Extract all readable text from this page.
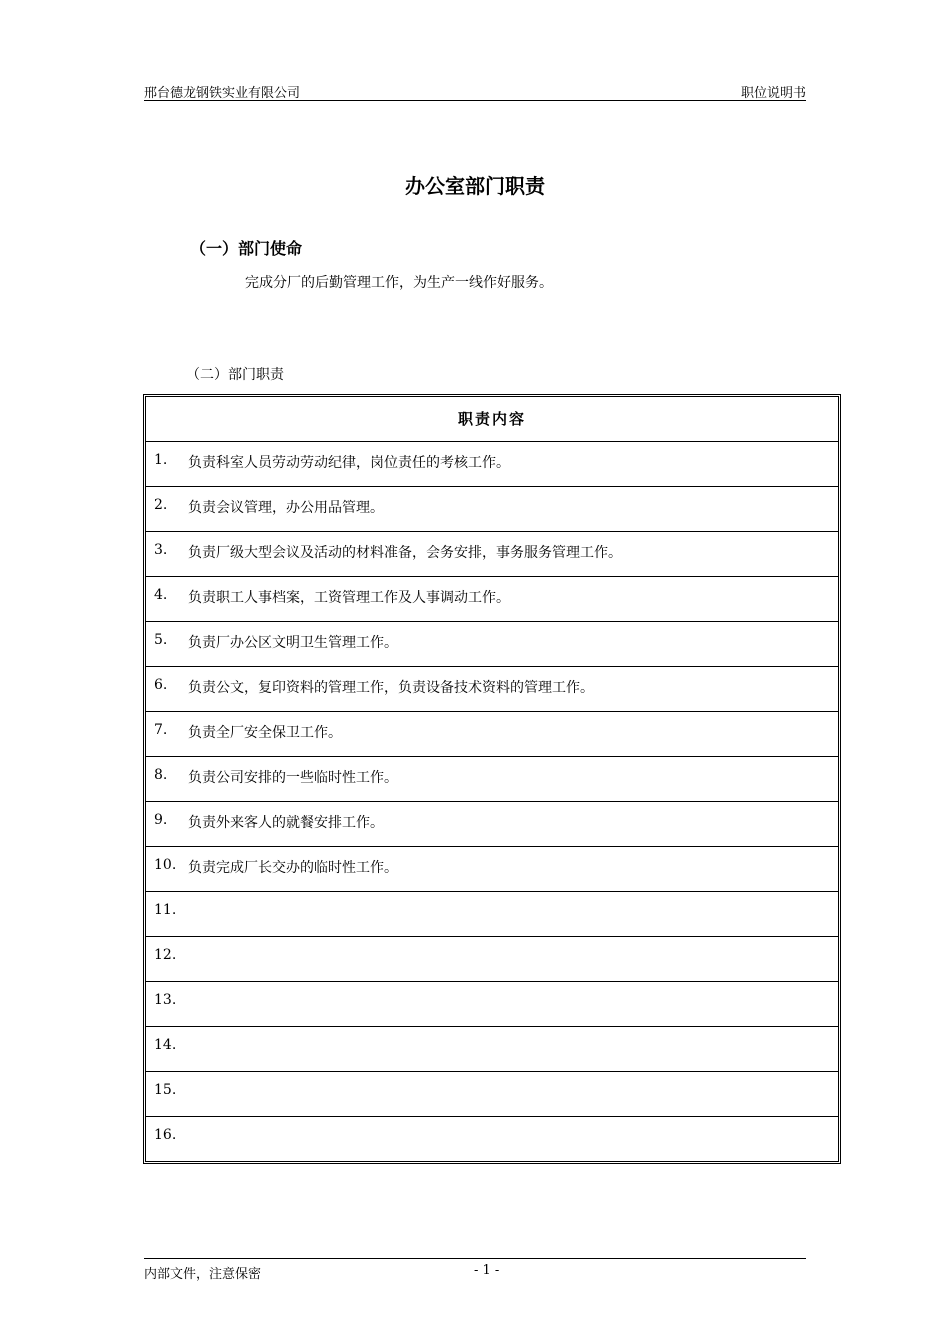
邢台德龙钢铁实业有限公司	职位说明书
办公室部门职责
（一）部门使命
完成分厂的后勤管理工作，为生产一线作好服务。
（二）部门职责
职责内容
1. 负责科室人员劳动劳动纪律，岗位责任的考核工作。
2. 负责会议管理，办公用品管理。
3. 负责厂级大型会议及活动的材料准备，会务安排，事务服务管理工作。
4. 负责职工人事档案，工资管理工作及人事调动工作。
5. 负责厂办公区文明卫生管理工作。
6. 负责公文，复印资料的管理工作，负责设备技术资料的管理工作。
7. 负责全厂安全保卫工作。
8. 负责公司安排的一些临时性工作。
9. 负责外来客人的就餐安排工作。
10. 负责完成厂长交办的临时性工作。
11.
12.
13.
14.
15.
16.
内部文件，注意保密	- 1 -
